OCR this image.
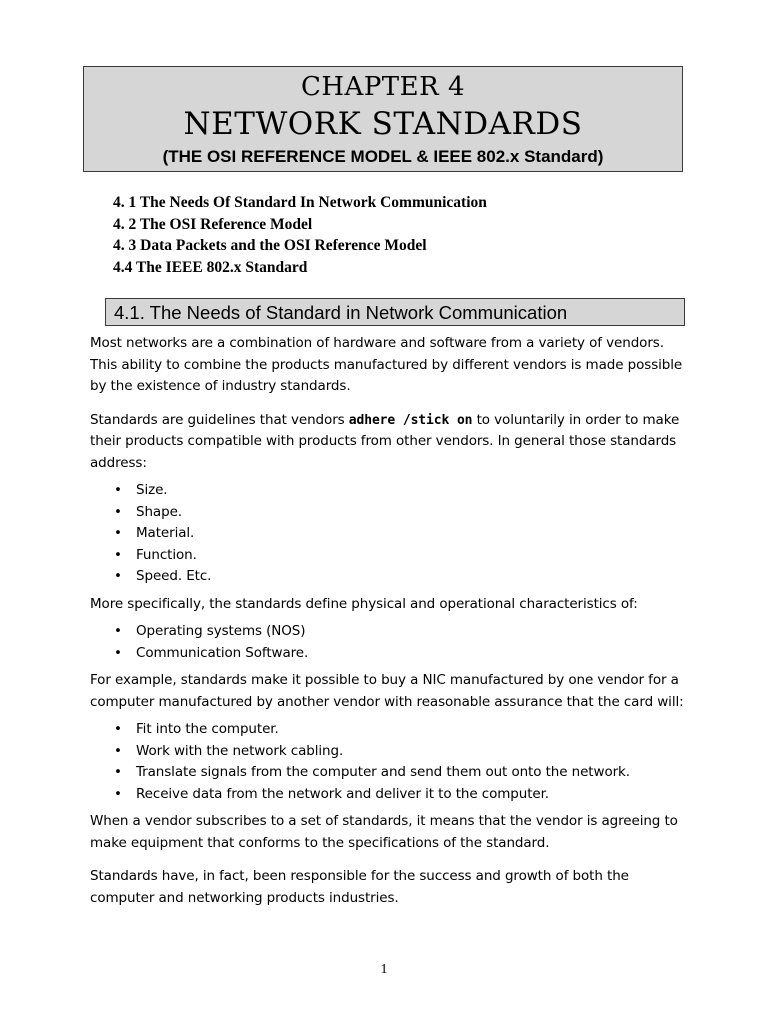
CHAPTER 4
NETWORK STANDARDS
(THE OSI REFERENCE MODEL & IEEE 802.x Standard)
4. 1 The Needs Of Standard In Network Communication
4. 2 The OSI Reference Model
4. 3 Data Packets and the OSI Reference Model
4.4 The IEEE 802.x Standard
4.1. The Needs of Standard in Network Communication

Most networks are a combination of hardware and software from a variety of vendors. This ability to combine the products manufactured by different vendors is made possible by the existence of industry standards.

Standards are guidelines that vendors adhere /stick on to voluntarily in order to make their products compatible with products from other vendors. In general those standards address:

• Size.
• Shape.
• Material.
• Function.
• Speed. Etc.

More specifically, the standards define physical and operational characteristics of:

• Operating systems (NOS)
• Communication Software.

For example, standards make it possible to buy a NIC manufactured by one vendor for a computer manufactured by another vendor with reasonable assurance that the card will:

• Fit into the computer.
• Work with the network cabling.
• Translate signals from the computer and send them out onto the network.
• Receive data from the network and deliver it to the computer.

When a vendor subscribes to a set of standards, it means that the vendor is agreeing to make equipment that conforms to the specifications of the standard.

Standards have, in fact, been responsible for the success and growth of both the computer and networking products industries.

1
